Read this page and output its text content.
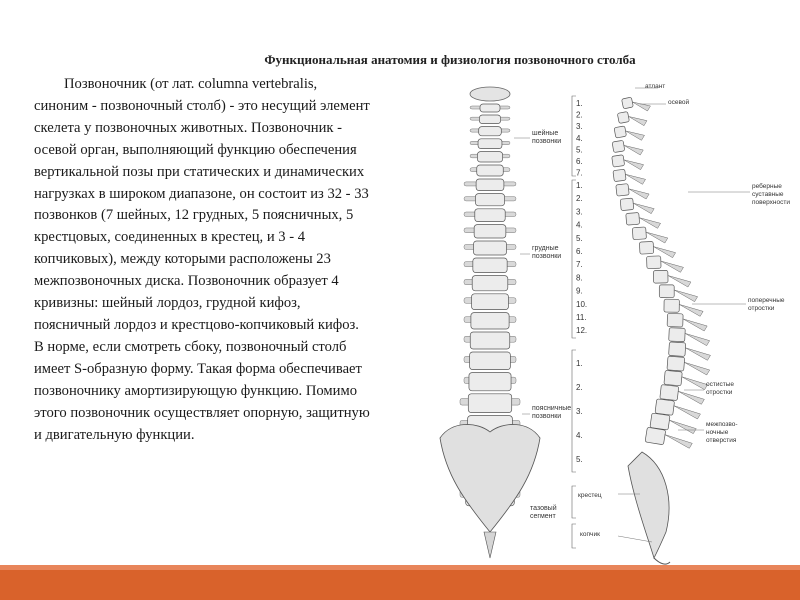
Функциональная анатомия и физиология позвоночного столба

Позвоночник (от лат. columna vertebralis, синоним - позвоночный столб) - это несущий элемент скелета у позвоночных животных. Позвоночник - осевой орган, выполняющий функцию обеспечения вертикальной позы при статических и динамических нагрузках в широком диапазоне, он состоит из 32 - 33 позвонков (7 шейных, 12 грудных, 5 поясничных, 5 крестцовых, соединенных в крестец, и 3 - 4 копчиковых), между которыми расположены 23 межпозвоночных диска. Позвоночник образует 4 кривизны: шейный лордоз, грудной кифоз, поясничный лордоз и крестцово-копчиковый кифоз. В норме, если смотреть сбоку, позвоночный столб имеет S-образную форму. Такая форма обеспечивает позвоночнику амортизирующую функцию. Помимо этого позвоночник осуществляет опорную, защитную и двигательную функции.

шейные
позвонки
грудные
позвонки
поясничные
позвонки
тазовый
сегмент
атлант
осевой
реберные
суставные
поверхности
поперечные
отростки
остистые
отростки
межпозво-
ночные
отверстия
крестец
копчик
1.
2.
3.
4.
5.
6.
7.
1.
2.
3.
4.
5.
6.
7.
8.
9.
10.
11.
12.
1.
2.
3.
4.
5.
